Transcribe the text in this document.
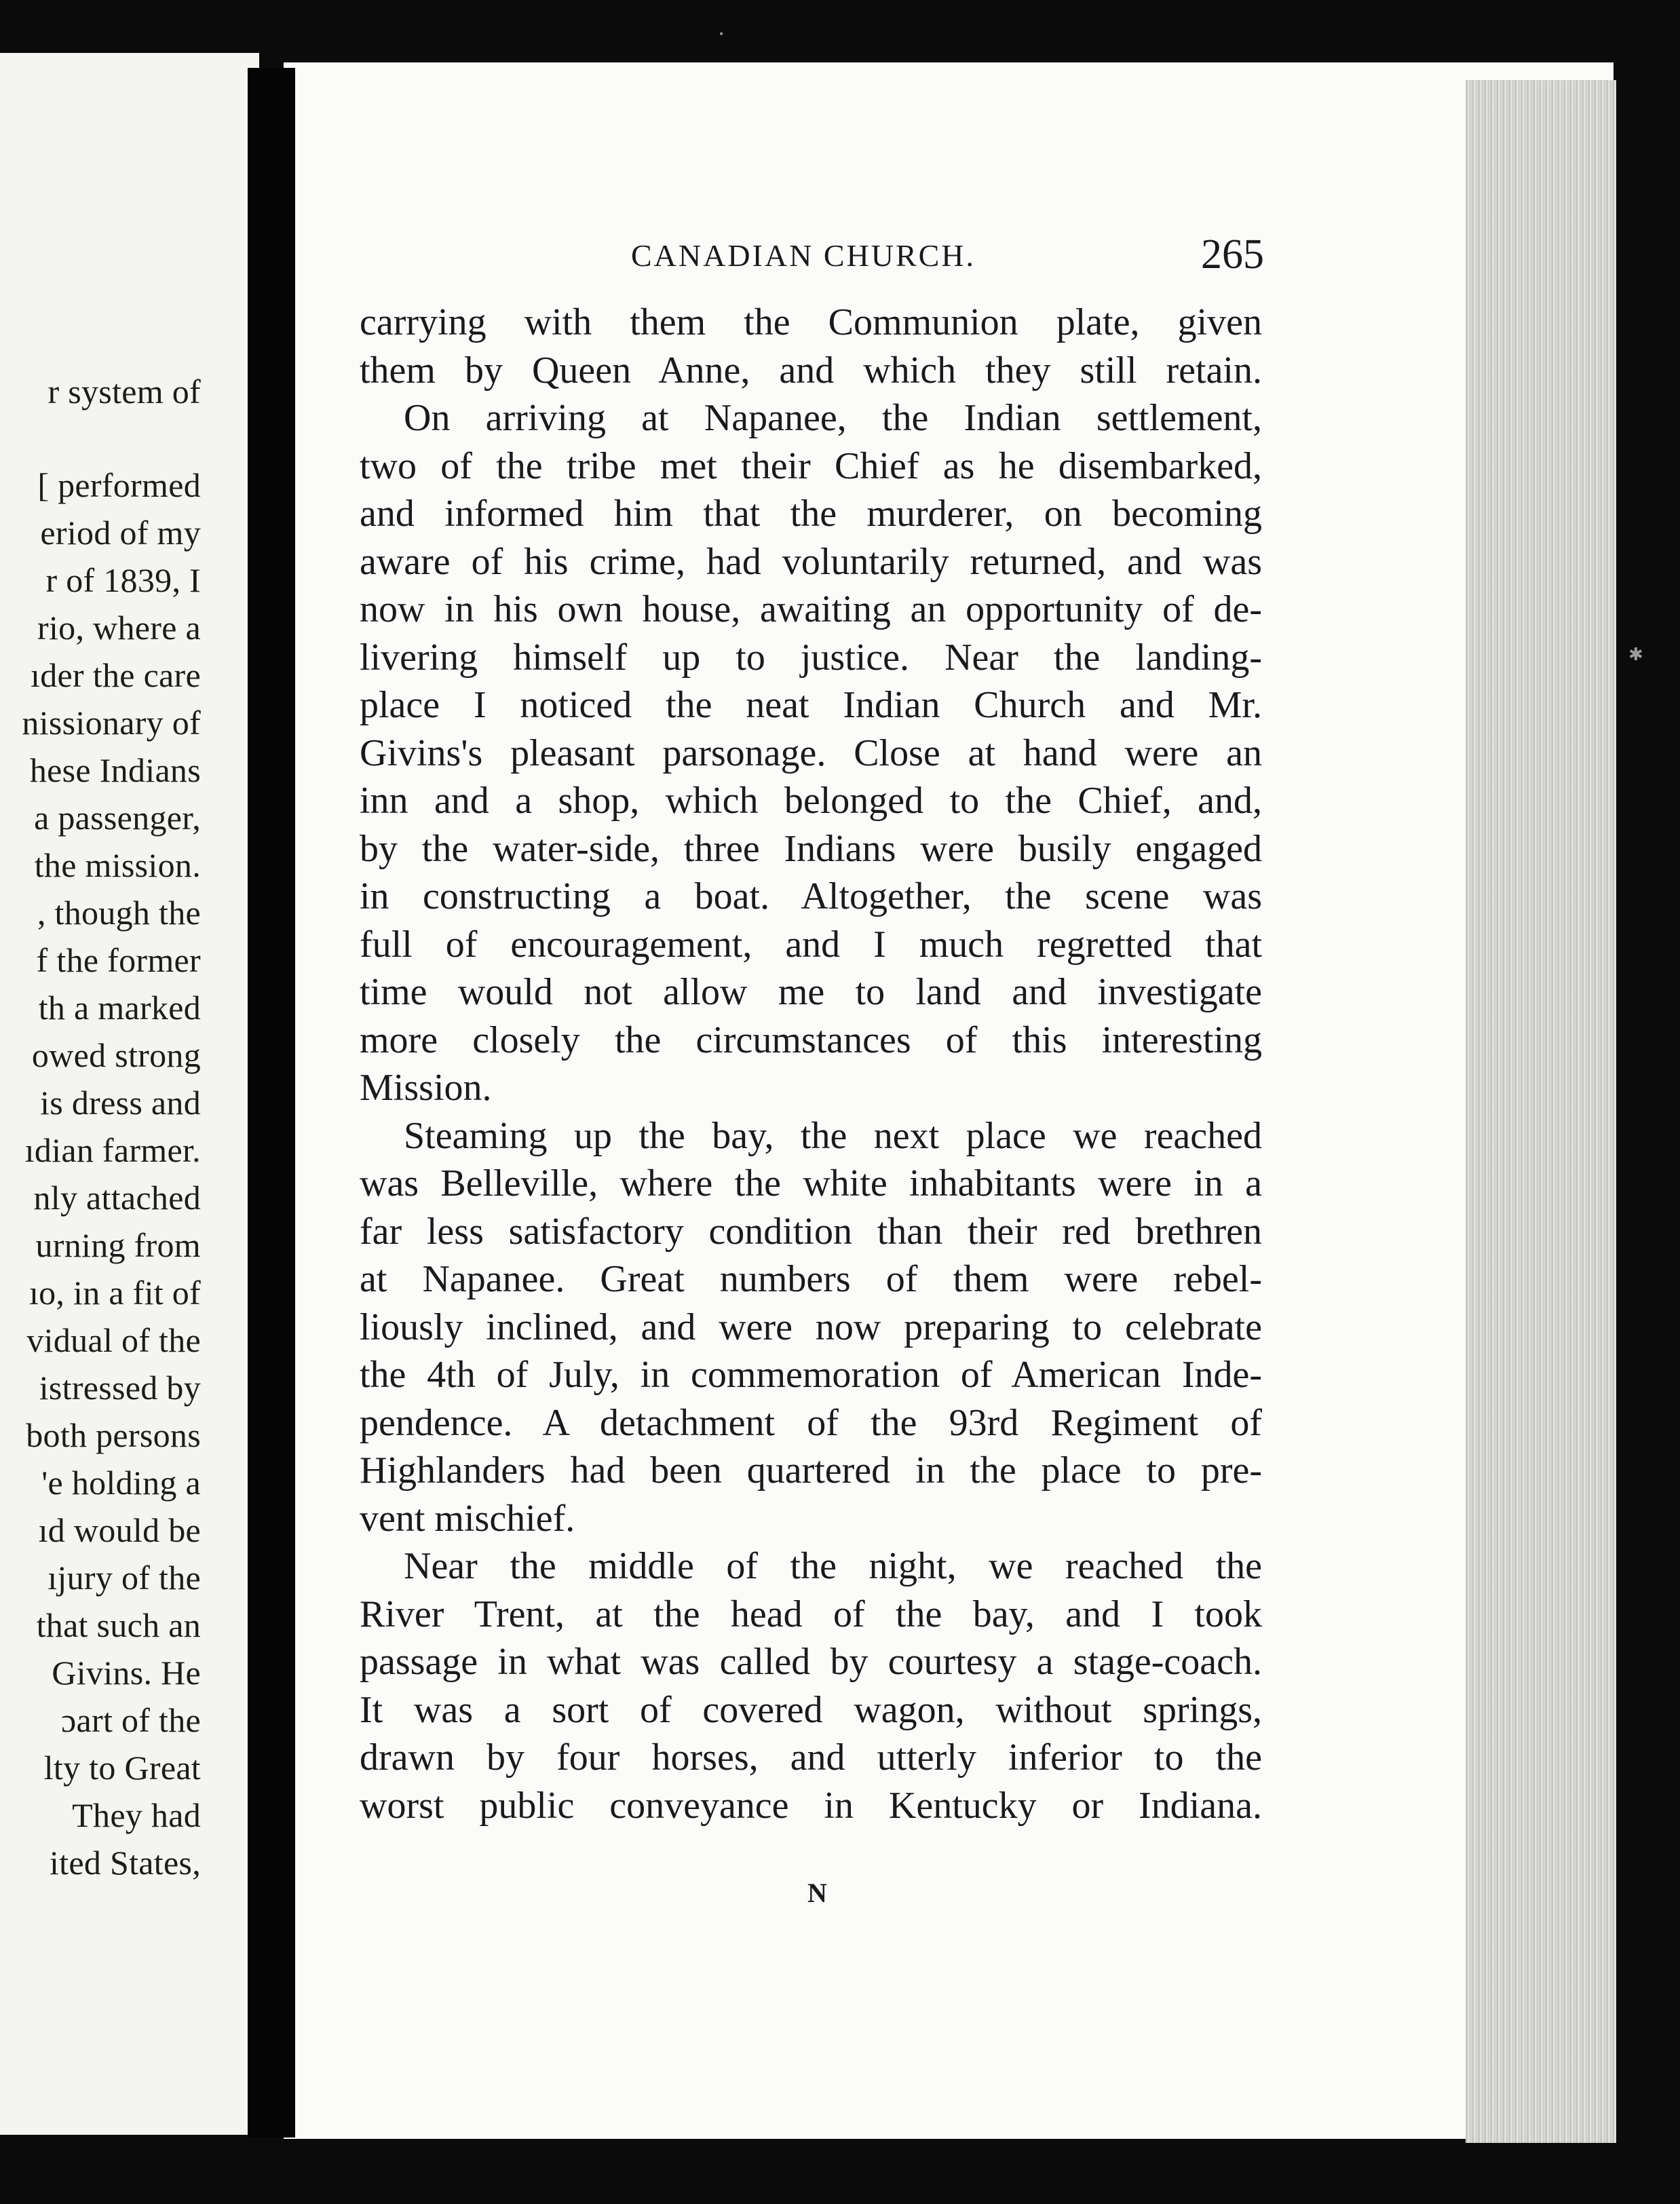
r system of
[ performed
eriod of my
r of 1839, I
rio, where a
ıder the care
nissionary of
hese Indians
a passenger,
the mission.
, though the
f the former
th a marked
owed strong
is dress and
ıdian farmer.
nly attached
urning from
ıo, in a fit of
vidual of the
istressed by
both persons
'e holding a
ıd would be
ıjury of the
that such an
Givins. He
ɔart of the
lty to Great
They had
ited States,
CANADIAN CHURCH.	265
carrying with them the Communion plate, given
them by Queen Anne, and which they still retain.
On arriving at Napanee, the Indian settlement,
two of the tribe met their Chief as he disembarked,
and informed him that the murderer, on becoming
aware of his crime, had voluntarily returned, and was
now in his own house, awaiting an opportunity of de-
livering himself up to justice. Near the landing-
place I noticed the neat Indian Church and Mr.
Givins's pleasant parsonage. Close at hand were an
inn and a shop, which belonged to the Chief, and,
by the water-side, three Indians were busily engaged
in constructing a boat. Altogether, the scene was
full of encouragement, and I much regretted that
time would not allow me to land and investigate
more closely the circumstances of this interesting
Mission.
Steaming up the bay, the next place we reached
was Belleville, where the white inhabitants were in a
far less satisfactory condition than their red brethren
at Napanee. Great numbers of them were rebel-
liously inclined, and were now preparing to celebrate
the 4th of July, in commemoration of American Inde-
pendence. A detachment of the 93rd Regiment of
Highlanders had been quartered in the place to pre-
vent mischief.
Near the middle of the night, we reached the
River Trent, at the head of the bay, and I took
passage in what was called by courtesy a stage-coach.
It was a sort of covered wagon, without springs,
drawn by four horses, and utterly inferior to the
worst public conveyance in Kentucky or Indiana.
N
✱
•
